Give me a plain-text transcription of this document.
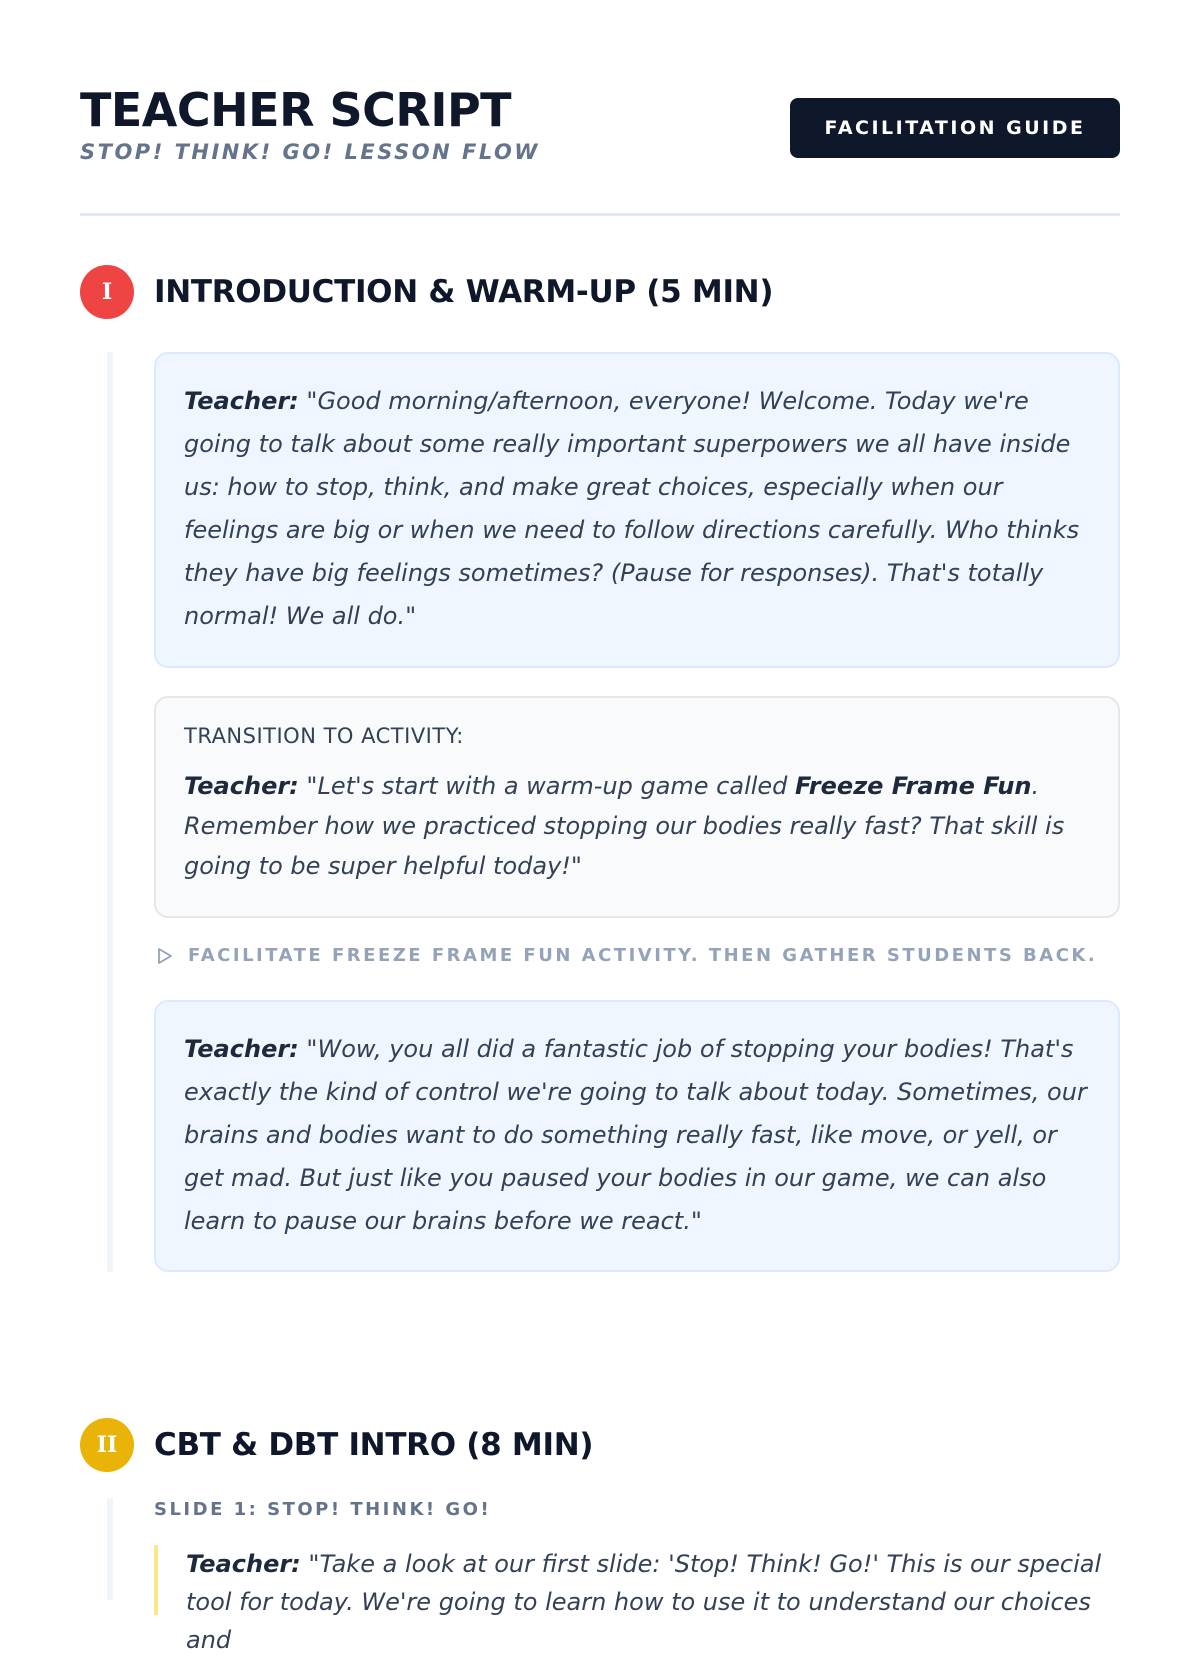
TEACHER SCRIPT
STOP! THINK! GO! LESSON FLOW
FACILITATION GUIDE
I	INTRODUCTION & WARM-UP (5 MIN)
Teacher: "Good morning/afternoon, everyone! Welcome. Today we're going to talk about some really important superpowers we all have inside us: how to stop, think, and make great choices, especially when our feelings are big or when we need to follow directions carefully. Who thinks they have big feelings sometimes? (Pause for responses). That's totally normal! We all do."
TRANSITION TO ACTIVITY:
Teacher: "Let's start with a warm-up game called Freeze Frame Fun. Remember how we practiced stopping our bodies really fast? That skill is going to be super helpful today!"
FACILITATE FREEZE FRAME FUN ACTIVITY. THEN GATHER STUDENTS BACK.
Teacher: "Wow, you all did a fantastic job of stopping your bodies! That's exactly the kind of control we're going to talk about today. Sometimes, our brains and bodies want to do something really fast, like move, or yell, or get mad. But just like you paused your bodies in our game, we can also learn to pause our brains before we react."
II	CBT & DBT INTRO (8 MIN)
SLIDE 1: STOP! THINK! GO!
Teacher: "Take a look at our first slide: 'Stop! Think! Go!' This is our special tool for today. We're going to learn how to use it to understand our choices and
